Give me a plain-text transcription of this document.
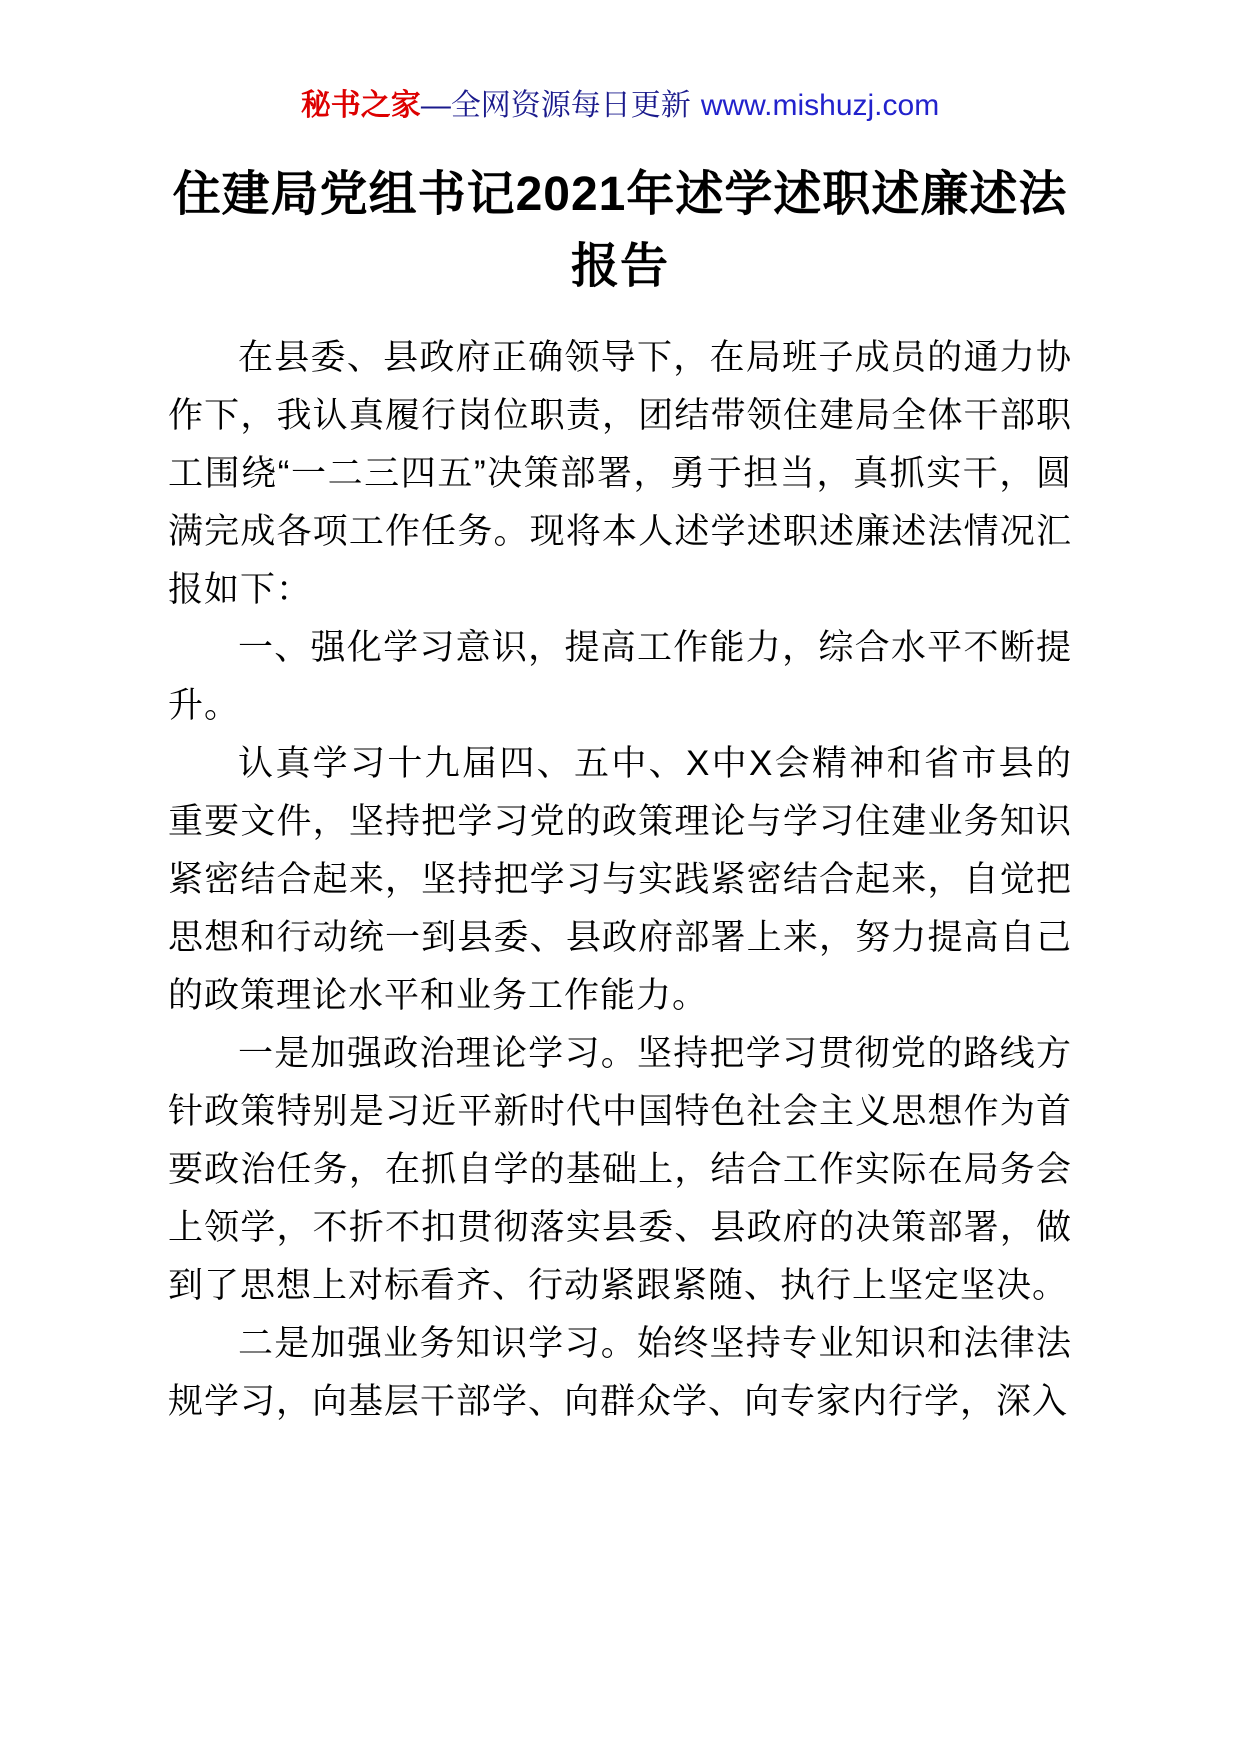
秘书之家—全网资源每日更新 www.mishuzj.com
住建局党组书记2021年述学述职述廉述法报告

在县委、县政府正确领导下，在局班子成员的通力协作下，我认真履行岗位职责，团结带领住建局全体干部职工围绕“一二三四五”决策部署，勇于担当，真抓实干，圆满完成各项工作任务。现将本人述学述职述廉述法情况汇报如下：

一、强化学习意识，提高工作能力，综合水平不断提升。

认真学习十九届四、五中、X中X会精神和省市县的重要文件，坚持把学习党的政策理论与学习住建业务知识紧密结合起来，坚持把学习与实践紧密结合起来，自觉把思想和行动统一到县委、县政府部署上来，努力提高自己的政策理论水平和业务工作能力。

一是加强政治理论学习。坚持把学习贯彻党的路线方针政策特别是习近平新时代中国特色社会主义思想作为首要政治任务，在抓自学的基础上，结合工作实际在局务会上领学，不折不扣贯彻落实县委、县政府的决策部署，做到了思想上对标看齐、行动紧跟紧随、执行上坚定坚决。

二是加强业务知识学习。始终坚持专业知识和法律法规学习，向基层干部学、向群众学、向专家内行学，深入
